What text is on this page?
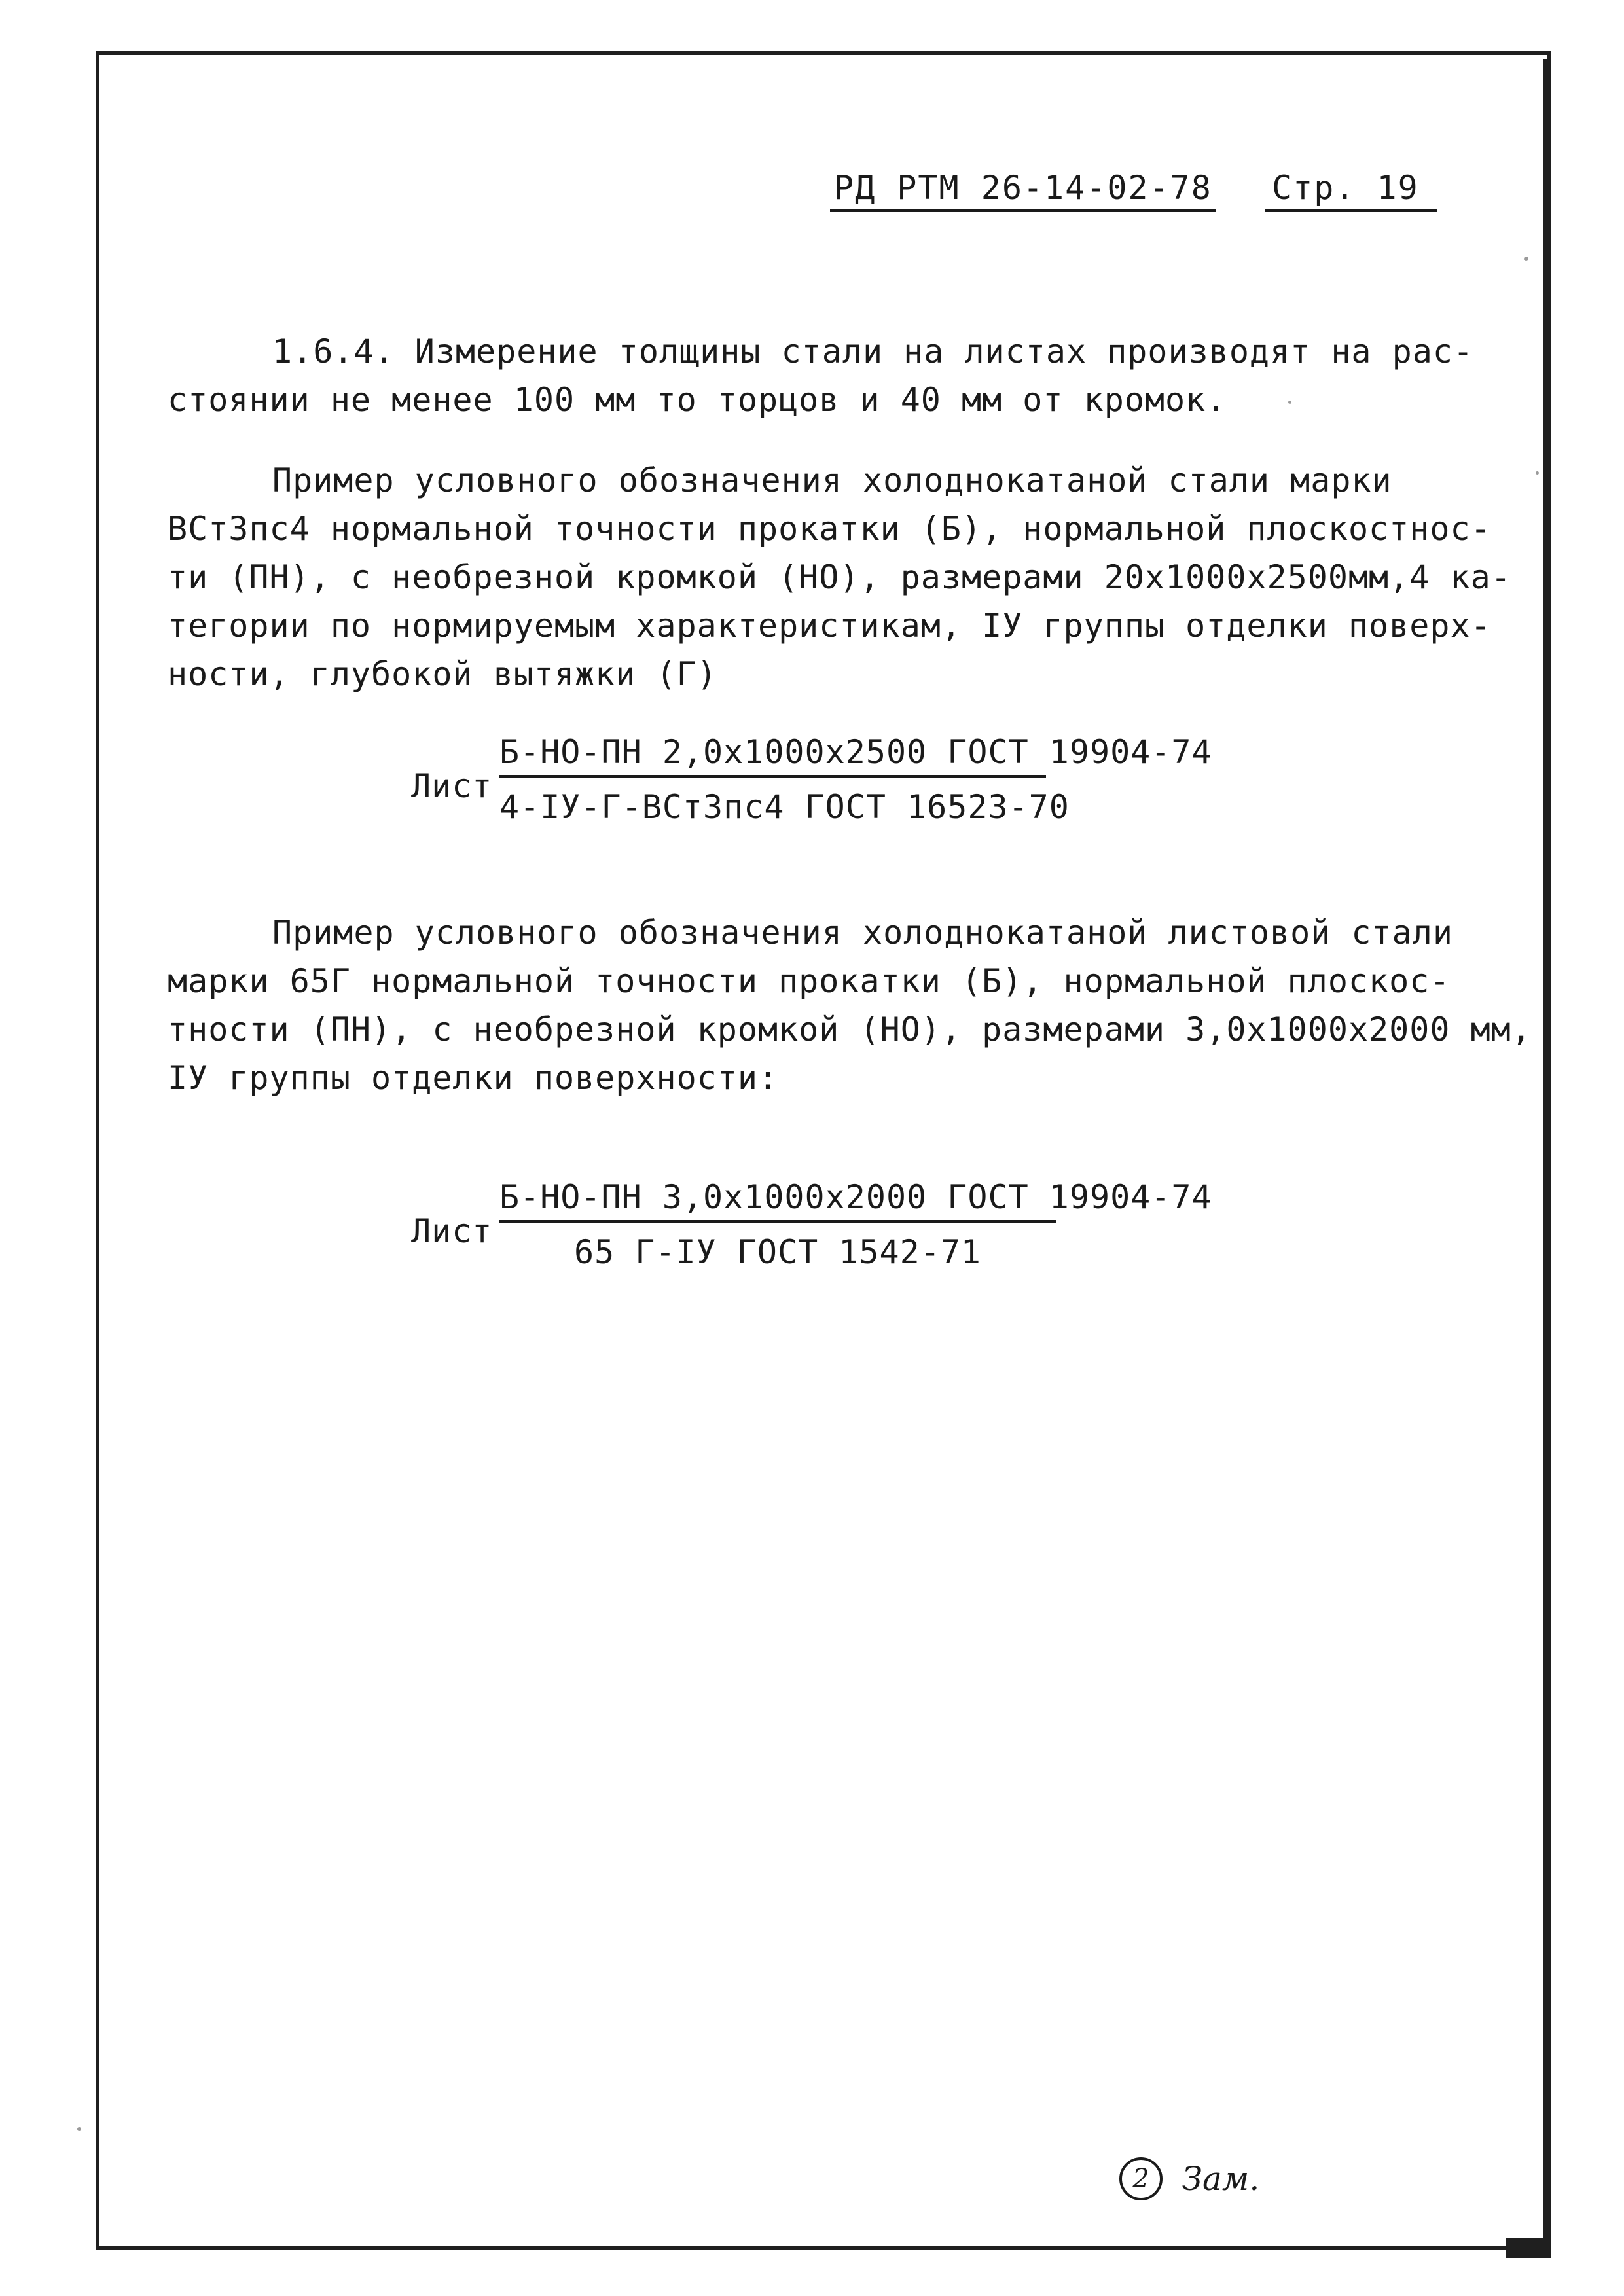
РД РТМ 26-14-02-78 Стр. 19

1.6.4. Измерение толщины стали на листах производят на рас-
стоянии не менее 100 мм то торцов и 40 мм от кромок.

Пример условного обозначения холоднокатаной стали марки
ВСт3пс4 нормальной точности прокатки (Б), нормальной плоскостнос-
ти (ПН), с необрезной кромкой (НО), размерами 20х1000х2500мм,4 ка-
тегории по нормируемым характеристикам, IУ группы отделки поверх-
ности, глубокой вытяжки (Г)

Лист
Б-НО-ПН 2,0х1000х2500 ГОСТ 19904-74
4-IУ-Г-ВСт3пс4 ГОСТ 16523-70

Пример условного обозначения холоднокатаной листовой стали
марки 65Г нормальной точности прокатки (Б), нормальной плоскос-
тности (ПН), с необрезной кромкой (НО), размерами 3,0х1000х2000 мм,
IУ группы отделки поверхности:

Лист
Б-НО-ПН 3,0х1000х2000 ГОСТ 19904-74
65 Г-IУ ГОСТ 1542-71
2 Зам.
